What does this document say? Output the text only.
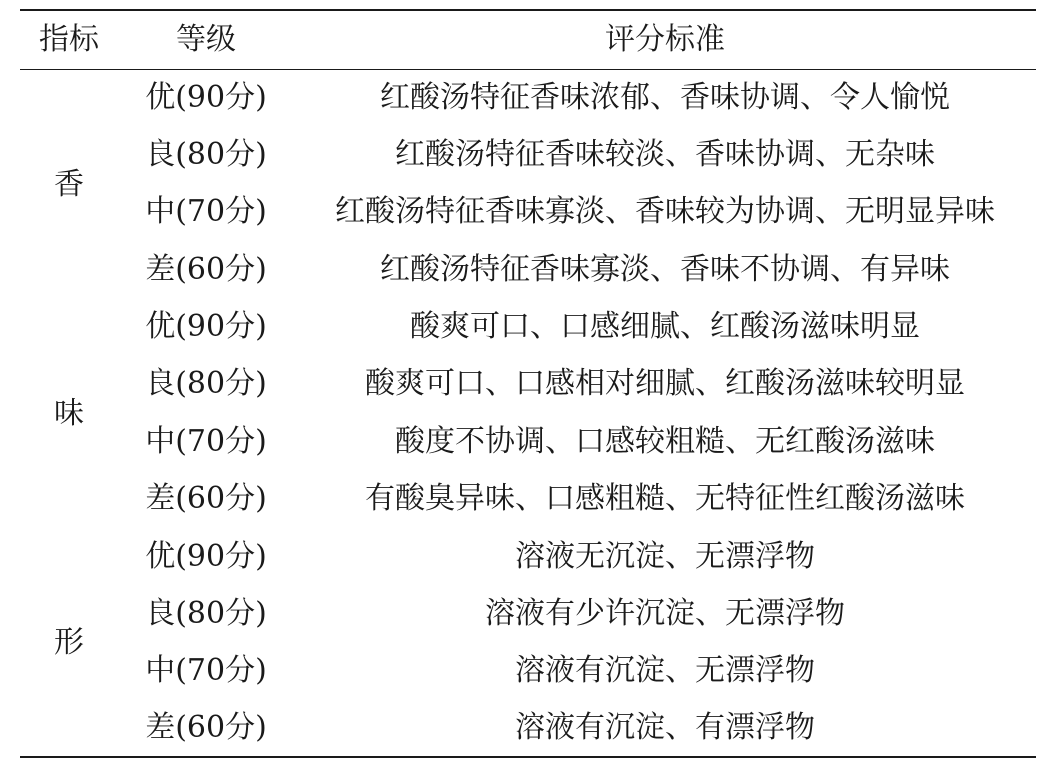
指标	等级	评分标准
香
优(90分)	红酸汤特征香味浓郁、香味协调、令人愉悦
良(80分)	红酸汤特征香味较淡、香味协调、无杂味
中(70分)	红酸汤特征香味寡淡、香味较为协调、无明显异味
差(60分)	红酸汤特征香味寡淡、香味不协调、有异味
味
优(90分)	酸爽可口、口感细腻、红酸汤滋味明显
良(80分)	酸爽可口、口感相对细腻、红酸汤滋味较明显
中(70分)	酸度不协调、口感较粗糙、无红酸汤滋味
差(60分)	有酸臭异味、口感粗糙、无特征性红酸汤滋味
形
优(90分)	溶液无沉淀、无漂浮物
良(80分)	溶液有少许沉淀、无漂浮物
中(70分)	溶液有沉淀、无漂浮物
差(60分)	溶液有沉淀、有漂浮物
